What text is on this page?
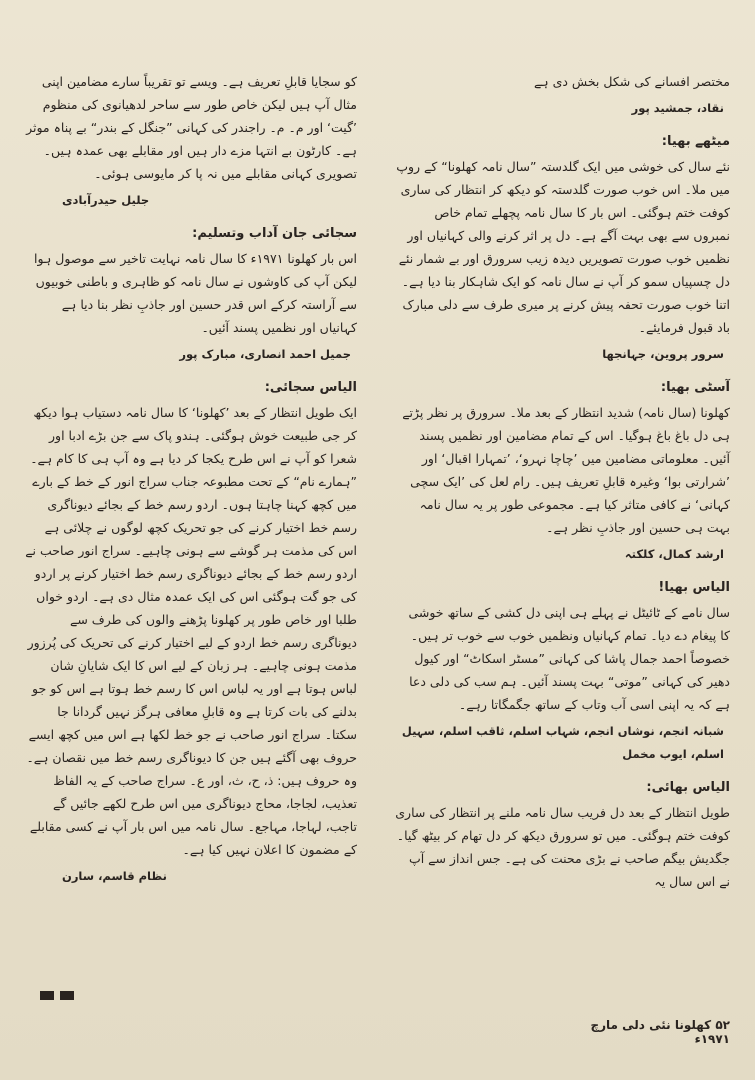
مختصر افسانے کی شکل بخش دی ہے

نقاد، جمشید پور

میٹھے بھیا:

نئے سال کی خوشی میں ایک گلدستہ ”سال نامہ کھلونا“ کے روپ میں ملا۔ اس خوب صورت گلدستہ کو دیکھ کر انتظار کی ساری کوفت ختم ہوگئی۔ اس بار کا سال نامہ پچھلے تمام خاص نمبروں سے بھی بہت آگے ہے۔ دل پر اثر کرنے والی کہانیاں اور نظمیں خوب صورت تصویریں دیدہ زیب سرورق اور بے شمار نئے دل چسپیاں سمو کر آپ نے سال نامہ کو ایک شاہکار بنا دیا ہے۔ اتنا خوب صورت تحفہ پیش کرنے پر میری طرف سے دلی مبارک باد قبول فرمایئے۔

سرور پروین، جہانجھا

آسٹی بھیا:

کھلونا (سال نامہ) شدید انتظار کے بعد ملا۔ سرورق پر نظر پڑتے ہی دل باغ باغ ہوگیا۔ اس کے تمام مضامین اور نظمیں پسند آئیں۔ معلوماتی مضامین میں ’چاچا نہرو‘، ’تمہارا اقبال‘ اور ’شرارتی بوا‘ وغیرہ قابلِ تعریف ہیں۔ رام لعل کی ’ایک سچی کہانی‘ نے کافی متاثر کیا ہے۔ مجموعی طور پر یہ سال نامہ بہت ہی حسین اور جاذبِ نظر ہے۔

ارشد کمال، کلکتہ

الیاس بھیا!

سال نامے کے ٹائیٹل نے پہلے ہی اپنی دل کشی کے ساتھ خوشی کا پیغام دے دیا۔ تمام کہانیاں ونظمیں خوب سے خوب تر ہیں۔ خصوصاً احمد جمال پاشا کی کہانی ”مسٹر اسکاٹ“ اور کیول دھیر کی کہانی ”موتی“ بہت پسند آئیں۔ ہم سب کی دلی دعا ہے کہ یہ اپنی اسی آب وتاب کے ساتھ جگمگاتا رہے۔

شبانہ انجم، نوشاں انجم، شہاب اسلم، ثاقب اسلم، سہیل اسلم، ایوب مخمل

الیاس بھائی:

طویل انتظار کے بعد دل فریب سال نامہ ملنے پر انتظار کی ساری کوفت ختم ہوگئی۔ میں تو سرورق دیکھ کر دل تھام کر بیٹھ گیا۔ جگدیش بیگم صاحب نے بڑی محنت کی ہے۔ جس انداز سے آپ نے اس سال یہ

کو سجایا قابلِ تعریف ہے۔ ویسے تو تقریباً سارے مضامین اپنی مثال آپ ہیں لیکن خاص طور سے ساحر لدھیانوی کی منظوم ’گیت‘ اور م۔ م۔ راجندر کی کہانی ”جنگل کے بندر“ بے پناہ موثر ہے۔ کارٹون بے انتہا مزے دار ہیں اور مقابلے بھی عمدہ ہیں۔ تصویری کہانی مقابلے میں نہ پا کر مایوسی ہوئی۔

جلیل حیدرآبادی

سجائی جان آداب وتسلیم:

اس بار کھلونا ۱۹۷۱ء کا سال نامہ نہایت تاخیر سے موصول ہوا لیکن آپ کی کاوشوں نے سال نامہ کو ظاہری و باطنی خوبیوں سے آراستہ کرکے اس قدر حسین اور جاذبِ نظر بنا دیا ہے کہانیاں اور نظمیں پسند آئیں۔

جمیل احمد انصاری، مبارک پور

الیاس سجائی:

ایک طویل انتظار کے بعد ’کھلونا‘ کا سال نامہ دستیاب ہوا دیکھ کر جی طبیعت خوش ہوگئی۔ ہندو پاک سے جن بڑے ادبا اور شعرا کو آپ نے اس طرح یکجا کر دیا ہے وہ آپ ہی کا کام ہے۔ ”ہمارے نام“ کے تحت مطبوعہ جناب سراج انور کے خط کے بارے میں کچھ کہنا چاہتا ہوں۔ اردو رسم خط کے بجائے دیوناگری رسم خط اختیار کرنے کی جو تحریک کچھ لوگوں نے چلائی ہے اس کی مذمت ہر گوشے سے ہونی چاہیے۔ سراج انور صاحب نے اردو رسم خط کے بجائے دیوناگری رسم خط اختیار کرنے پر اردو کی جو گت ہوگئی اس کی ایک عمدہ مثال دی ہے۔ اردو خواں طلبا اور خاص طور پر کھلونا پڑھنے والوں کی طرف سے دیوناگری رسم خط اردو کے لیے اختیار کرنے کی تحریک کی پُرزور مذمت ہونی چاہیے۔ ہر زبان کے لیے اس کا ایک شایانِ شان لباس ہوتا ہے اور یہ لباس اس کا رسم خط ہوتا ہے اس کو جو بدلنے کی بات کرتا ہے وہ قابلِ معافی ہرگز نہیں گردانا جا سکتا۔ سراج انور صاحب نے جو خط لکھا ہے اس میں کچھ ایسے حروف بھی آگئے ہیں جن کا دیوناگری رسم خط میں نقصان ہے۔ وہ حروف ہیں: ذ، ح، ث، اور ع۔ سراج صاحب کے یہ الفاظ تعذیب، لجاجا، محاج دیوناگری میں اس طرح لکھے جائیں گے تاجب، لہاجا، مہاجع۔ سال نامہ میں اس بار آپ نے کسی مقابلے کے مضمون کا اعلان نہیں کیا ہے۔

نظام قاسم، سارن

۵۲ کھلونا نئی دلی مارچ ۱۹۷۱ء
